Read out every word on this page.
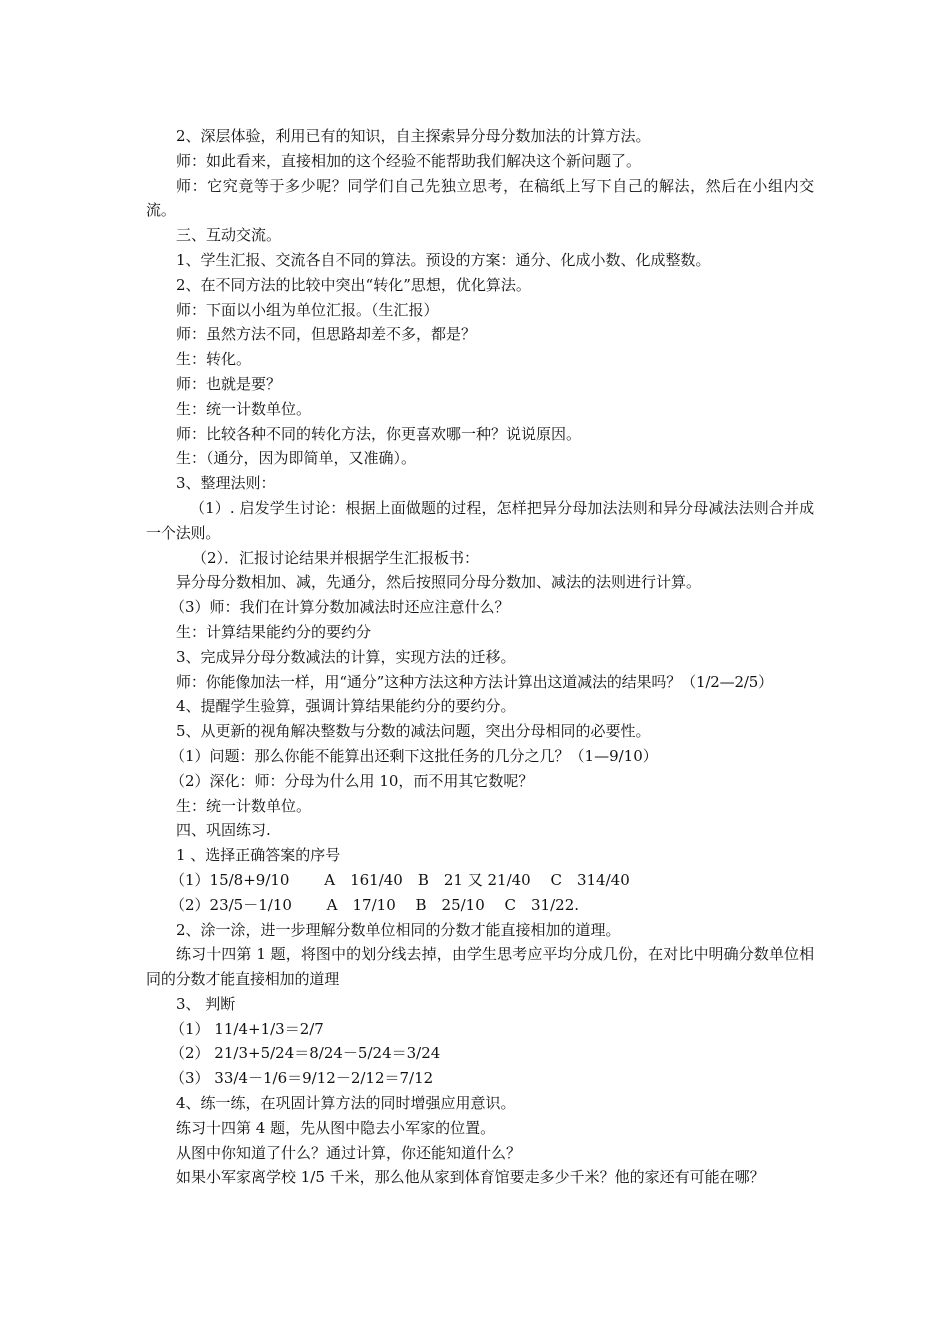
2、深层体验，利用已有的知识，自主探索异分母分数加法的计算方法。

师：如此看来，直接相加的这个经验不能帮助我们解决这个新问题了。

师：它究竟等于多少呢？同学们自己先独立思考，在稿纸上写下自己的解法，然后在小组内交流。

三、互动交流。

1、学生汇报、交流各自不同的算法。预设的方案：通分、化成小数、化成整数。

2、在不同方法的比较中突出“转化”思想，优化算法。

师：下面以小组为单位汇报。（生汇报）

师：虽然方法不同，但思路却差不多，都是？

生：转化。

师：也就是要？

生：统一计数单位。

师：比较各种不同的转化方法，你更喜欢哪一种？说说原因。

生：（通分，因为即简单，又准确）。

3、整理法则：

（1）. 启发学生讨论：根据上面做题的过程，怎样把异分母加法法则和异分母减法法则合并成一个法则。

（2）．汇报讨论结果并根据学生汇报板书：

异分母分数相加、减，先通分，然后按照同分母分数加、减法的法则进行计算。

（3）师：我们在计算分数加减法时还应注意什么？

生：计算结果能约分的要约分

3、完成异分母分数减法的计算，实现方法的迁移。

师：你能像加法一样，用“通分”这种方法这种方法计算出这道减法的结果吗？（1/2—2/5）

4、提醒学生验算，强调计算结果能约分的要约分。

5、从更新的视角解决整数与分数的减法问题，突出分母相同的必要性。

（1）问题：那么你能不能算出还剩下这批任务的几分之几？（1—9/10）

（2）深化：师：分母为什么用 10，而不用其它数呢？

生：统一计数单位。

四、巩固练习.

1 、选择正确答案的序号

（1）15/8+9/10　　 A　161/40　B　21 又 21/40　 C　314/40

（2）23/5－1/10　　 A　17/10　 B　25/10　 C　31/22.

2、涂一涂，进一步理解分数单位相同的分数才能直接相加的道理。

练习十四第 1 题，将图中的划分线去掉，由学生思考应平均分成几份，在对比中明确分数单位相同的分数才能直接相加的道理

3、 判断

（1） 11/4+1/3＝2/7

（2） 21/3+5/24＝8/24－5/24＝3/24

（3） 33/4－1/6＝9/12－2/12＝7/12

4、练一练，在巩固计算方法的同时增强应用意识。

练习十四第 4 题，先从图中隐去小军家的位置。

从图中你知道了什么？通过计算，你还能知道什么？

如果小军家离学校 1/5 千米，那么他从家到体育馆要走多少千米？他的家还有可能在哪？
